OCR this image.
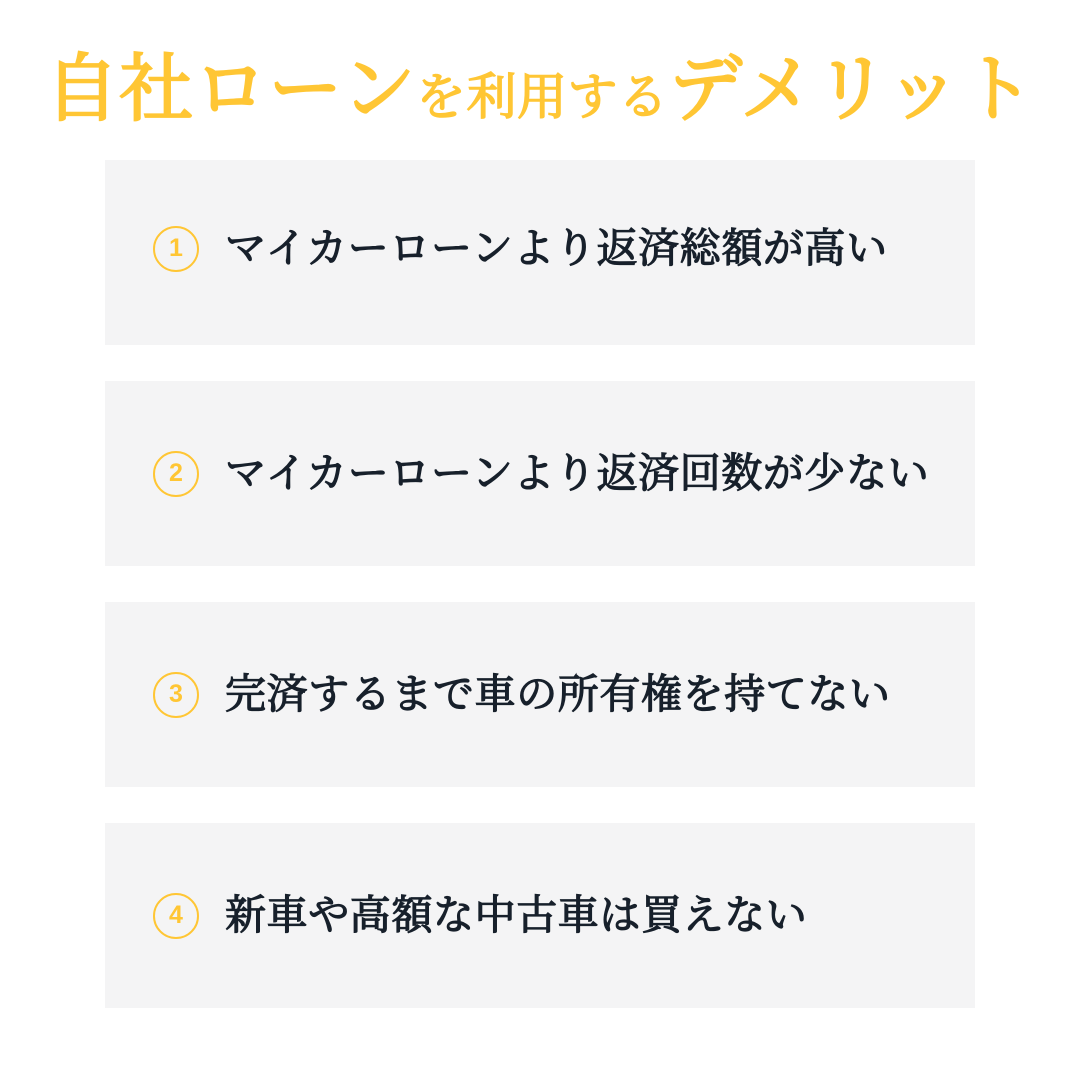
自社ローンを利用するデメリット
1	マイカーローンより返済総額が高い
2	マイカーローンより返済回数が少ない
3	完済するまで車の所有権を持てない
4	新車や高額な中古車は買えない
